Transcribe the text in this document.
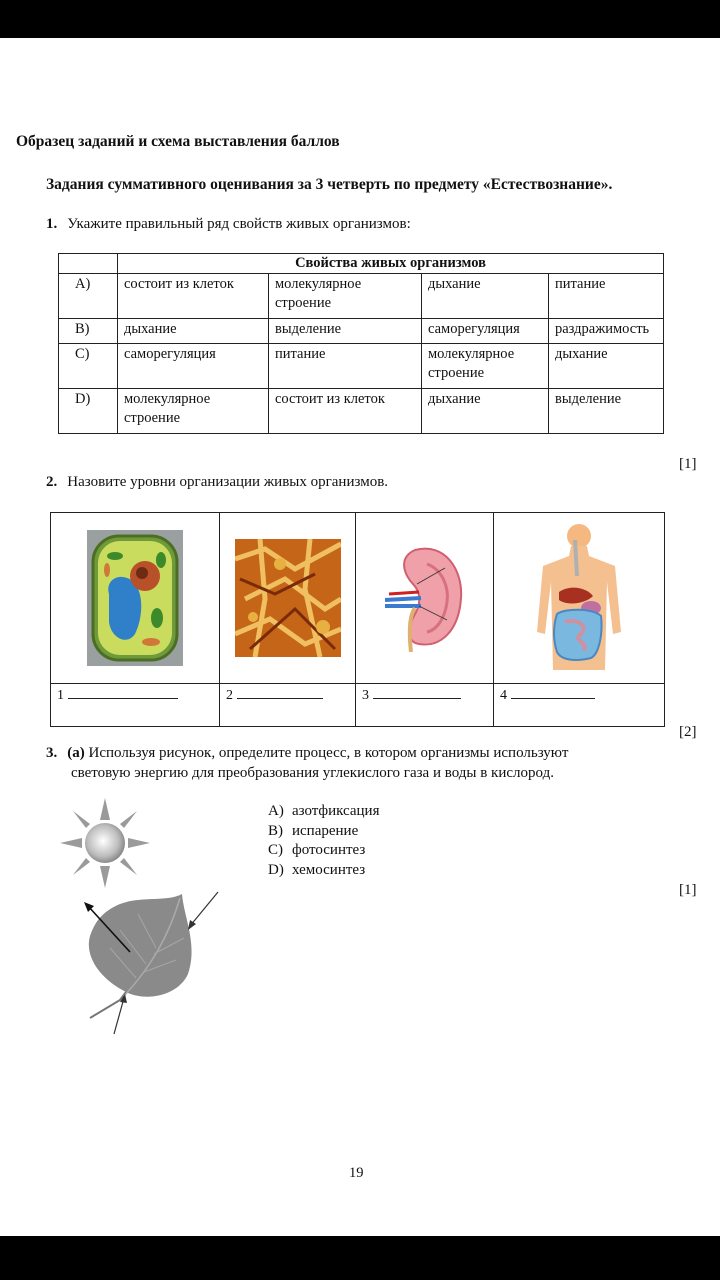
Образец заданий и схема выставления баллов
Задания суммативного оценивания за 3 четверть по предмету «Естествознание».
1. Укажите правильный ряд свойств живых организмов:
	Свойства живых организмов			
A)	состоит из клеток	молекулярное строение	дыхание	питание
B)	дыхание	выделение	саморегуляция	раздражимость
C)	саморегуляция	питание	молекулярное строение	дыхание
D)	молекулярное строение	состоит из клеток	дыхание	выделение
[1]
2. Назовите уровни организации живых организмов.

1	2	3	4
[2]
3. (a) Используя рисунок, определите процесс, в котором организмы используют
световую энергию для преобразования углекислого газа и воды в кислород.
A) азотфиксация
B) испарение
C) фотосинтез
D) хемосинтез
[1]
19
